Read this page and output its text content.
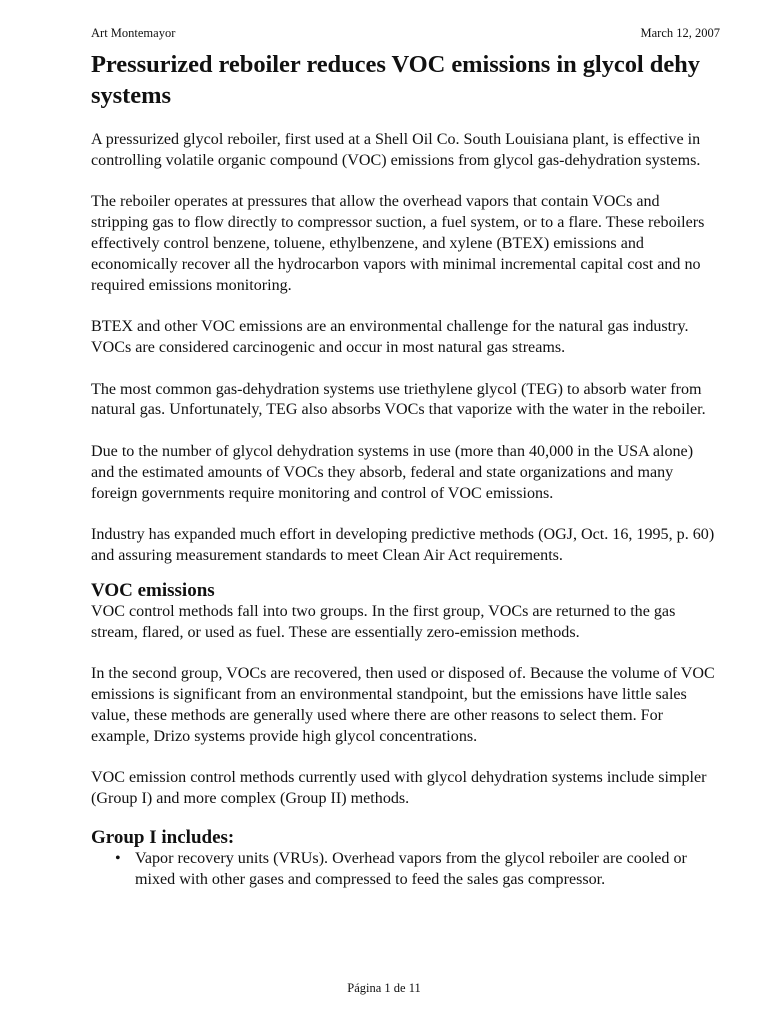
Art Montemayor	March 12, 2007
Pressurized reboiler reduces VOC emissions in glycol dehy systems

A pressurized glycol reboiler, first used at a Shell Oil Co. South Louisiana plant, is effective in controlling volatile organic compound (VOC) emissions from glycol gas-dehydration systems.

The reboiler operates at pressures that allow the overhead vapors that contain VOCs and stripping gas to flow directly to compressor suction, a fuel system, or to a flare. These reboilers effectively control benzene, toluene, ethylbenzene, and xylene (BTEX) emissions and economically recover all the hydrocarbon vapors with minimal incremental capital cost and no required emissions monitoring.

BTEX and other VOC emissions are an environmental challenge for the natural gas industry. VOCs are considered carcinogenic and occur in most natural gas streams.

The most common gas-dehydration systems use triethylene glycol (TEG) to absorb water from natural gas. Unfortunately, TEG also absorbs VOCs that vaporize with the water in the reboiler.

Due to the number of glycol dehydration systems in use (more than 40,000 in the USA alone) and the estimated amounts of VOCs they absorb, federal and state organizations and many foreign governments require monitoring and control of VOC emissions.

Industry has expanded much effort in developing predictive methods (OGJ, Oct. 16, 1995, p. 60) and assuring measurement standards to meet Clean Air Act requirements.

VOC emissions

VOC control methods fall into two groups. In the first group, VOCs are returned to the gas stream, flared, or used as fuel. These are essentially zero-emission methods.

In the second group, VOCs are recovered, then used or disposed of. Because the volume of VOC emissions is significant from an environmental standpoint, but the emissions have little sales value, these methods are generally used where there are other reasons to select them. For example, Drizo systems provide high glycol concentrations.

VOC emission control methods currently used with glycol dehydration systems include simpler (Group I) and more complex (Group II) methods.

Group I includes:
• Vapor recovery units (VRUs). Overhead vapors from the glycol reboiler are cooled or mixed with other gases and compressed to feed the sales gas compressor.
Página 1 de 11
